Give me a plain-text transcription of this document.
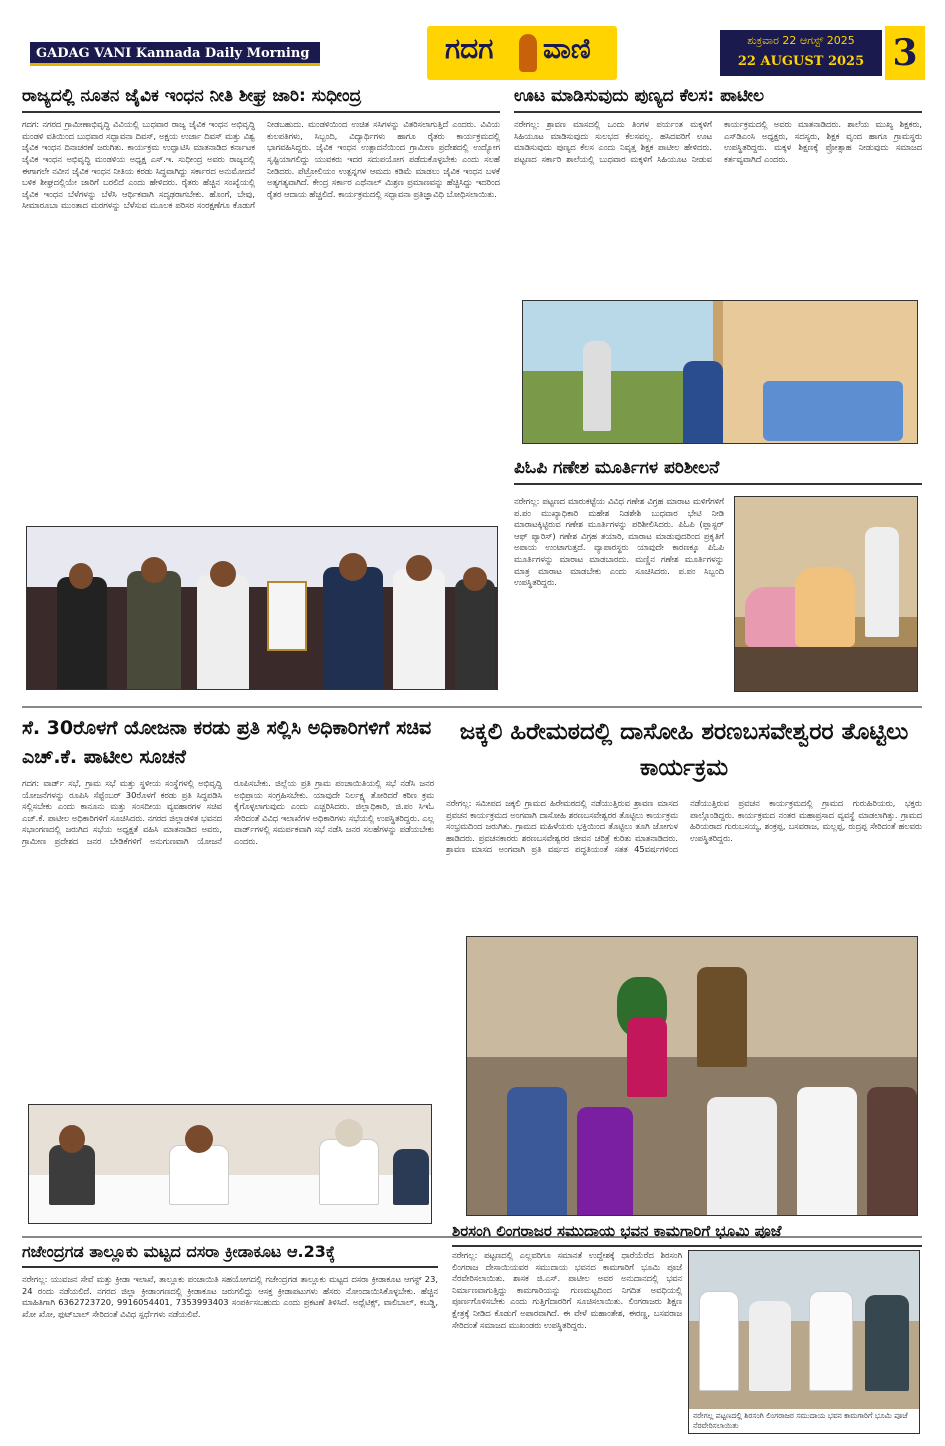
GADAG VANI Kannada Daily Morning	ಗದಗ ವಾಣಿ	ಶುಕ್ರವಾರ 22 ಆಗಸ್ಟ್ 2025
22 AUGUST 2025 3
ರಾಜ್ಯದಲ್ಲಿ ನೂತನ ಜೈವಿಕ ಇಂಧನ ನೀತಿ ಶೀಘ್ರ ಜಾರಿ: ಸುಧೀಂದ್ರ
ಗದಗ: ನಗರದ ಗ್ರಾಮೀಣಾಭಿವೃದ್ಧಿ ವಿವಿಯಲ್ಲಿ ಬುಧವಾರ ರಾಜ್ಯ ಜೈವಿಕ ಇಂಧನ ಅಭಿವೃದ್ಧಿ ಮಂಡಳಿ ವತಿಯಿಂದ ಬುಧವಾರ ಸದ್ಭಾವನಾ ದಿವಸ್, ಅಕ್ಷಯ ಉರ್ಜಾ ದಿವಸ್ ಮತ್ತು ವಿಶ್ವ ಜೈವಿಕ ಇಂಧನ ದಿನಾಚರಣೆ ಜರುಗಿತು. ಕಾರ್ಯಕ್ರಮ ಉದ್ಘಾಟಿಸಿ ಮಾತನಾಡಿದ ಕರ್ನಾಟಕ ಜೈವಿಕ ಇಂಧನ ಅಭಿವೃದ್ಧಿ ಮಂಡಳಿಯ ಅಧ್ಯಕ್ಷ ಎಸ್.ಇ. ಸುಧೀಂದ್ರ ಅವರು ರಾಜ್ಯದಲ್ಲಿ ಈಗಾಗಲೇ ನವೀನ ಜೈವಿಕ ಇಂಧನ ನೀತಿಯ ಕರಡು ಸಿದ್ಧವಾಗಿದ್ದು ಸರ್ಕಾರದ ಅನುಮೋದನೆ ಬಳಿಕ ಶೀಘ್ರದಲ್ಲಿಯೇ ಜಾರಿಗೆ ಬರಲಿದೆ ಎಂದು ಹೇಳಿದರು. ರೈತರು ಹೆಚ್ಚಿನ ಸಂಖ್ಯೆಯಲ್ಲಿ ಜೈವಿಕ ಇಂಧನ ಬೆಳೆಗಳನ್ನು ಬೆಳೆಸಿ ಆರ್ಥಿಕವಾಗಿ ಸದೃಢರಾಗಬೇಕು. ಹೊಂಗೆ, ಬೇವು, ಸೀಮಾರೂಬಾ ಮುಂತಾದ ಮರಗಳನ್ನು ಬೆಳೆಸುವ ಮೂಲಕ ಪರಿಸರ ಸಂರಕ್ಷಣೆಗೂ ಕೊಡುಗೆ ನೀಡಬಹುದು. ಮಂಡಳಿಯಿಂದ ಉಚಿತ ಸಸಿಗಳನ್ನು ವಿತರಿಸಲಾಗುತ್ತಿದೆ ಎಂದರು. ವಿವಿಯ ಕುಲಪತಿಗಳು, ಸಿಬ್ಬಂದಿ, ವಿದ್ಯಾರ್ಥಿಗಳು ಹಾಗೂ ರೈತರು ಕಾರ್ಯಕ್ರಮದಲ್ಲಿ ಭಾಗವಹಿಸಿದ್ದರು. ಜೈವಿಕ ಇಂಧನ ಉತ್ಪಾದನೆಯಿಂದ ಗ್ರಾಮೀಣ ಪ್ರದೇಶದಲ್ಲಿ ಉದ್ಯೋಗ ಸೃಷ್ಟಿಯಾಗಲಿದ್ದು ಯುವಕರು ಇದರ ಸದುಪಯೋಗ ಪಡೆದುಕೊಳ್ಳಬೇಕು ಎಂದು ಸಲಹೆ ನೀಡಿದರು. ಪೆಟ್ರೋಲಿಯಂ ಉತ್ಪನ್ನಗಳ ಆಮದು ಕಡಿಮೆ ಮಾಡಲು ಜೈವಿಕ ಇಂಧನ ಬಳಕೆ ಅತ್ಯಗತ್ಯವಾಗಿದೆ. ಕೇಂದ್ರ ಸರ್ಕಾರ ಎಥೆನಾಲ್ ಮಿಶ್ರಣ ಪ್ರಮಾಣವನ್ನು ಹೆಚ್ಚಿಸಿದ್ದು ಇದರಿಂದ ರೈತರ ಆದಾಯ ಹೆಚ್ಚಲಿದೆ. ಕಾರ್ಯಕ್ರಮದಲ್ಲಿ ಸದ್ಭಾವನಾ ಪ್ರತಿಜ್ಞಾವಿಧಿ ಬೋಧಿಸಲಾಯಿತು.
ಊಟ ಮಾಡಿಸುವುದು ಪುಣ್ಯದ ಕೆಲಸ: ಪಾಟೀಲ
ನರೇಗಲ್ಲ: ಶ್ರಾವಣ ಮಾಸದಲ್ಲಿ ಒಂದು ತಿಂಗಳ ಪರ್ಯಂತ ಮಕ್ಕಳಿಗೆ ಸಿಹಿಯೂಟ ಮಾಡಿಸುವುದು ಸುಲಭದ ಕೆಲಸವಲ್ಲ. ಹಸಿದವರಿಗೆ ಊಟ ಮಾಡಿಸುವುದು ಪುಣ್ಯದ ಕೆಲಸ ಎಂದು ನಿವೃತ್ತ ಶಿಕ್ಷಕ ಪಾಟೀಲ ಹೇಳಿದರು. ಪಟ್ಟಣದ ಸರ್ಕಾರಿ ಶಾಲೆಯಲ್ಲಿ ಬುಧವಾರ ಮಕ್ಕಳಿಗೆ ಸಿಹಿಯೂಟ ನೀಡುವ ಕಾರ್ಯಕ್ರಮದಲ್ಲಿ ಅವರು ಮಾತನಾಡಿದರು. ಶಾಲೆಯ ಮುಖ್ಯ ಶಿಕ್ಷಕರು, ಎಸ್‌ಡಿಎಂಸಿ ಅಧ್ಯಕ್ಷರು, ಸದಸ್ಯರು, ಶಿಕ್ಷಕ ವೃಂದ ಹಾಗೂ ಗ್ರಾಮಸ್ಥರು ಉಪಸ್ಥಿತರಿದ್ದರು. ಮಕ್ಕಳ ಶಿಕ್ಷಣಕ್ಕೆ ಪ್ರೋತ್ಸಾಹ ನೀಡುವುದು ಸಮಾಜದ ಕರ್ತವ್ಯವಾಗಿದೆ ಎಂದರು.
ಪಿಓಪಿ ಗಣೇಶ ಮೂರ್ತಿಗಳ ಪರಿಶೀಲನೆ
ನರೇಗಲ್ಲ: ಪಟ್ಟಣದ ಮಾರುಕಟ್ಟೆಯ ವಿವಿಧ ಗಣೇಶ ವಿಗ್ರಹ ಮಾರಾಟ ಮಳಿಗೆಗಳಿಗೆ ಪ.ಪಂ ಮುಖ್ಯಾಧಿಕಾರಿ ಮಹೇಶ ನಿಡಶೇಶಿ ಬುಧವಾರ ಭೇಟಿ ನೀಡಿ ಮಾರಾಟಕ್ಕಿಟ್ಟಿರುವ ಗಣೇಶ ಮೂರ್ತಿಗಳನ್ನು ಪರಿಶೀಲಿಸಿದರು. ಪಿಓಪಿ (ಪ್ಲಾಸ್ಟರ್ ಆಫ್ ಪ್ಯಾರಿಸ್) ಗಣೇಶ ವಿಗ್ರಹ ತಯಾರಿ, ಮಾರಾಟ ಮಾಡುವುದರಿಂದ ಪ್ರಕೃತಿಗೆ ಅಪಾಯ ಉಂಟಾಗುತ್ತದೆ. ವ್ಯಾಪಾರಸ್ಥರು ಯಾವುದೇ ಕಾರಣಕ್ಕೂ ಪಿಓಪಿ ಮೂರ್ತಿಗಳನ್ನು ಮಾರಾಟ ಮಾಡಬಾರದು. ಮಣ್ಣಿನ ಗಣೇಶ ಮೂರ್ತಿಗಳನ್ನು ಮಾತ್ರ ಮಾರಾಟ ಮಾಡಬೇಕು ಎಂದು ಸೂಚಿಸಿದರು. ಪ.ಪಂ ಸಿಬ್ಬಂದಿ ಉಪಸ್ಥಿತರಿದ್ದರು.
ಸೆ. 30ರೊಳಗೆ ಯೋಜನಾ ಕರಡು ಪ್ರತಿ ಸಲ್ಲಿಸಿ ಅಧಿಕಾರಿಗಳಿಗೆ ಸಚಿವ ಎಚ್.ಕೆ. ಪಾಟೀಲ ಸೂಚನೆ
ಗದಗ: ವಾರ್ಡ್ ಸಭೆ, ಗ್ರಾಮ ಸಭೆ ಮತ್ತು ಸ್ಥಳೀಯ ಸಂಸ್ಥೆಗಳಲ್ಲಿ ಅಭಿವೃದ್ಧಿ ಯೋಜನೆಗಳನ್ನು ರೂಪಿಸಿ ಸೆಪ್ಟೆಂಬರ್ 30ರೊಳಗೆ ಕರಡು ಪ್ರತಿ ಸಿದ್ಧಪಡಿಸಿ ಸಲ್ಲಿಸಬೇಕು ಎಂದು ಕಾನೂನು ಮತ್ತು ಸಂಸದೀಯ ವ್ಯವಹಾರಗಳ ಸಚಿವ ಎಚ್.ಕೆ. ಪಾಟೀಲ ಅಧಿಕಾರಿಗಳಿಗೆ ಸೂಚಿಸಿದರು. ನಗರದ ಜಿಲ್ಲಾಡಳಿತ ಭವನದ ಸಭಾಂಗಣದಲ್ಲಿ ಜರುಗಿದ ಸಭೆಯ ಅಧ್ಯಕ್ಷತೆ ವಹಿಸಿ ಮಾತನಾಡಿದ ಅವರು, ಗ್ರಾಮೀಣ ಪ್ರದೇಶದ ಜನರ ಬೇಡಿಕೆಗಳಿಗೆ ಅನುಗುಣವಾಗಿ ಯೋಜನೆ ರೂಪಿಸಬೇಕು. ಜಿಲ್ಲೆಯ ಪ್ರತಿ ಗ್ರಾಮ ಪಂಚಾಯಿತಿಯಲ್ಲಿ ಸಭೆ ನಡೆಸಿ ಜನರ ಅಭಿಪ್ರಾಯ ಸಂಗ್ರಹಿಸಬೇಕು. ಯಾವುದೇ ನಿರ್ಲಕ್ಷ್ಯ ತೋರಿದರೆ ಕಠಿಣ ಕ್ರಮ ಕೈಗೊಳ್ಳಲಾಗುವುದು ಎಂದು ಎಚ್ಚರಿಸಿದರು. ಜಿಲ್ಲಾಧಿಕಾರಿ, ಜಿ.ಪಂ ಸಿಇಓ ಸೇರಿದಂತೆ ವಿವಿಧ ಇಲಾಖೆಗಳ ಅಧಿಕಾರಿಗಳು ಸಭೆಯಲ್ಲಿ ಉಪಸ್ಥಿತರಿದ್ದರು. ಎಲ್ಲ ವಾರ್ಡ್‌ಗಳಲ್ಲಿ ಸಮರ್ಪಕವಾಗಿ ಸಭೆ ನಡೆಸಿ ಜನರ ಸಲಹೆಗಳನ್ನು ಪಡೆಯಬೇಕು ಎಂದರು.
ಜಕ್ಕಲಿ ಹಿರೇಮಠದಲ್ಲಿ ದಾಸೋಹಿ ಶರಣಬಸವೇಶ್ವರರ ತೊಟ್ಟಿಲು ಕಾರ್ಯಕ್ರಮ
ನರೇಗಲ್ಲ: ಸಮೀಪದ ಜಕ್ಕಲಿ ಗ್ರಾಮದ ಹಿರೇಮಠದಲ್ಲಿ ನಡೆಯುತ್ತಿರುವ ಶ್ರಾವಣ ಮಾಸದ ಪ್ರವಚನ ಕಾರ್ಯಕ್ರಮದ ಅಂಗವಾಗಿ ದಾಸೋಹಿ ಶರಣಬಸವೇಶ್ವರರ ತೊಟ್ಟಿಲು ಕಾರ್ಯಕ್ರಮ ಸಂಭ್ರಮದಿಂದ ಜರುಗಿತು. ಗ್ರಾಮದ ಮಹಿಳೆಯರು ಭಕ್ತಿಯಿಂದ ತೊಟ್ಟಿಲು ತೂಗಿ ಜೋಗುಳ ಹಾಡಿದರು. ಪ್ರವಚನಕಾರರು ಶರಣಬಸವೇಶ್ವರರ ಜೀವನ ಚರಿತ್ರೆ ಕುರಿತು ಮಾತನಾಡಿದರು. ಶ್ರಾವಣ ಮಾಸದ ಅಂಗವಾಗಿ ಪ್ರತಿ ವರ್ಷದ ಪದ್ಧತಿಯಂತೆ ಸತತ 45ವರ್ಷಗಳಿಂದ ನಡೆಯುತ್ತಿರುವ ಪ್ರವಚನ ಕಾರ್ಯಕ್ರಮದಲ್ಲಿ ಗ್ರಾಮದ ಗುರುಹಿರಿಯರು, ಭಕ್ತರು ಪಾಲ್ಗೊಂಡಿದ್ದರು. ಕಾರ್ಯಕ್ರಮದ ನಂತರ ಮಹಾಪ್ರಸಾದ ವ್ಯವಸ್ಥೆ ಮಾಡಲಾಗಿತ್ತು. ಗ್ರಾಮದ ಹಿರಿಯರಾದ ಗುರುಬಸಯ್ಯ, ಶಂಕ್ರಪ್ಪ, ಬಸವರಾಜ, ಮಲ್ಲಪ್ಪ, ರುದ್ರಪ್ಪ ಸೇರಿದಂತೆ ಹಲವರು ಉಪಸ್ಥಿತರಿದ್ದರು.
ಗಜೇಂದ್ರಗಡ ತಾಲ್ಲೂಕು ಮಟ್ಟದ ದಸರಾ ಕ್ರೀಡಾಕೂಟ ಆ.23ಕ್ಕೆ
ನರೇಗಲ್ಲ: ಯುವಜನ ಸೇವೆ ಮತ್ತು ಕ್ರೀಡಾ ಇಲಾಖೆ, ತಾಲ್ಲೂಕು ಪಂಚಾಯಿತಿ ಸಹಯೋಗದಲ್ಲಿ ಗಜೇಂದ್ರಗಡ ತಾಲ್ಲೂಕು ಮಟ್ಟದ ದಸರಾ ಕ್ರೀಡಾಕೂಟ ಆಗಸ್ಟ್ 23, 24 ರಂದು ನಡೆಯಲಿದೆ. ನಗರದ ಜಿಲ್ಲಾ ಕ್ರೀಡಾಂಗಣದಲ್ಲಿ ಕ್ರೀಡಾಕೂಟ ಜರುಗಲಿದ್ದು ಆಸಕ್ತ ಕ್ರೀಡಾಪಟುಗಳು ಹೆಸರು ನೋಂದಾಯಿಸಿಕೊಳ್ಳಬೇಕು. ಹೆಚ್ಚಿನ ಮಾಹಿತಿಗಾಗಿ 6362723720, 9916054401, 7353993403 ಸಂಪರ್ಕಿಸಬಹುದು ಎಂದು ಪ್ರಕಟಣೆ ತಿಳಿಸಿದೆ. ಅಥ್ಲೆಟಿಕ್ಸ್, ವಾಲಿಬಾಲ್, ಕಬಡ್ಡಿ, ಖೋ ಖೋ, ಫುಟ್‌ಬಾಲ್ ಸೇರಿದಂತೆ ವಿವಿಧ ಸ್ಪರ್ಧೆಗಳು ನಡೆಯಲಿವೆ.
ಶಿರಸಂಗಿ ಲಿಂಗರಾಜರ ಸಮುದಾಯ ಭವನ ಕಾಮಗಾರಿಗೆ ಭೂಮಿ ಪೂಜೆ
ನರೇಗಲ್ಲ: ಪಟ್ಟಣದಲ್ಲಿ ಎಲ್ಲವರಿಗೂ ಸಮಾನತೆ ಉದ್ದೇಶಕ್ಕೆ ಧಾರೆಯೆರೆದ ಶಿರಸಂಗಿ ಲಿಂಗರಾಜ ದೇಸಾಯಿಯವರ ಸಮುದಾಯ ಭವನದ ಕಾಮಗಾರಿಗೆ ಭೂಮಿ ಪೂಜೆ ನೆರವೇರಿಸಲಾಯಿತು. ಶಾಸಕ ಜಿ.ಎಸ್. ಪಾಟೀಲ ಅವರ ಅನುದಾನದಲ್ಲಿ ಭವನ ನಿರ್ಮಾಣವಾಗುತ್ತಿದ್ದು ಕಾಮಗಾರಿಯನ್ನು ಗುಣಮಟ್ಟದಿಂದ ನಿಗದಿತ ಅವಧಿಯಲ್ಲಿ ಪೂರ್ಣಗೊಳಿಸಬೇಕು ಎಂದು ಗುತ್ತಿಗೆದಾರರಿಗೆ ಸೂಚಿಸಲಾಯಿತು. ಲಿಂಗರಾಜರು ಶಿಕ್ಷಣ ಕ್ಷೇತ್ರಕ್ಕೆ ನೀಡಿದ ಕೊಡುಗೆ ಅಪಾರವಾಗಿದೆ. ಈ ವೇಳೆ ಮಹಾಂತೇಶ, ಈರಣ್ಣ, ಬಸವರಾಜ ಸೇರಿದಂತೆ ಸಮಾಜದ ಮುಖಂಡರು ಉಪಸ್ಥಿತರಿದ್ದರು.
ನರೇಗಲ್ಲ ಪಟ್ಟಣದಲ್ಲಿ ಶಿರಸಂಗಿ ಲಿಂಗರಾಜರ ಸಮುದಾಯ ಭವನ ಕಾಮಗಾರಿಗೆ ಭೂಮಿ ಪೂಜೆ ನೆರವೇರಿಸಲಾಯಿತು
